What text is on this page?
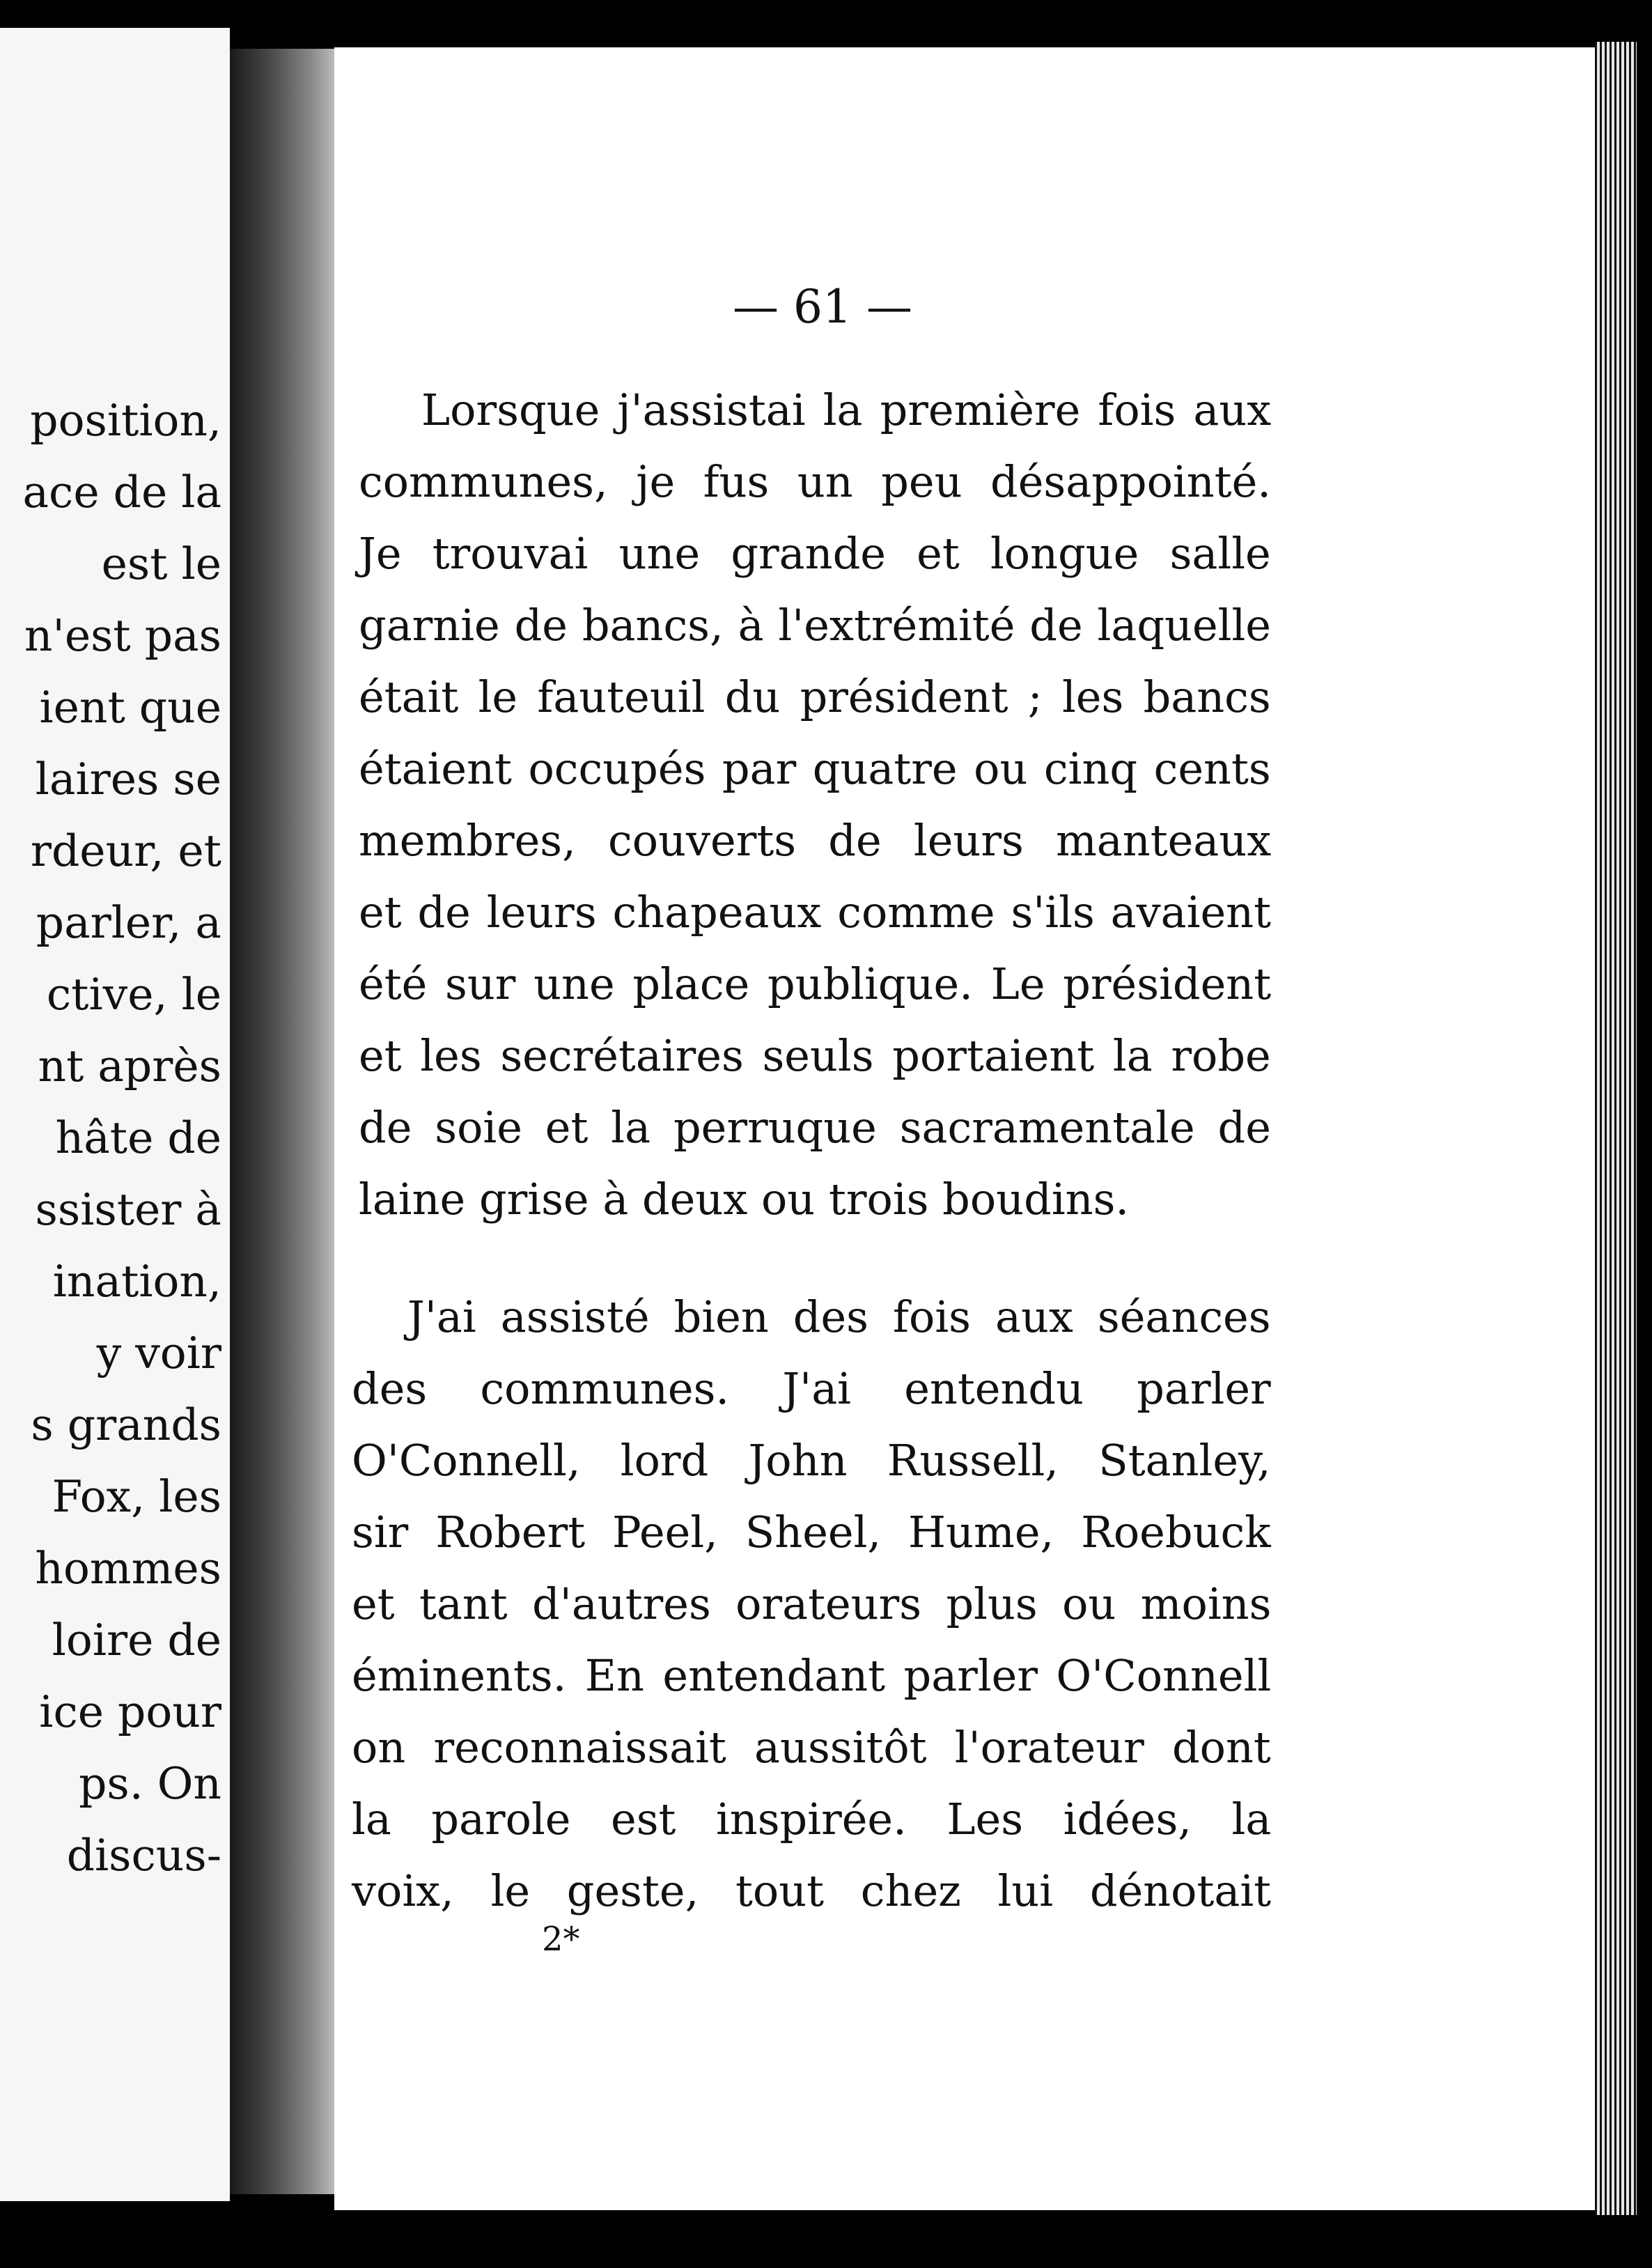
position,
ace de la
est le
n'est pas
ient que
laires se
rdeur, et
parler, a
ctive, le
nt après
hâte de
ssister à
ination,
y voir
s grands
Fox, les
hommes
loire de
ice pour
ps. On
discus-
— 61 —
Lorsque j'assistai la première fois aux
communes, je fus un peu désappointé.
Je trouvai une grande et longue salle
garnie de bancs, à l'extrémité de laquelle
était le fauteuil du président ; les bancs
étaient occupés par quatre ou cinq cents
membres, couverts de leurs manteaux
et de leurs chapeaux comme s'ils avaient
été sur une place publique. Le président
et les secrétaires seuls portaient la robe
de soie et la perruque sacramentale de
laine grise à deux ou trois boudins.
J'ai assisté bien des fois aux séances
des communes. J'ai entendu parler
O'Connell, lord John Russell, Stanley,
sir Robert Peel, Sheel, Hume, Roebuck
et tant d'autres orateurs plus ou moins
éminents. En entendant parler O'Connell
on reconnaissait aussitôt l'orateur dont
la parole est inspirée. Les idées, la
voix, le geste, tout chez lui dénotait
2*
